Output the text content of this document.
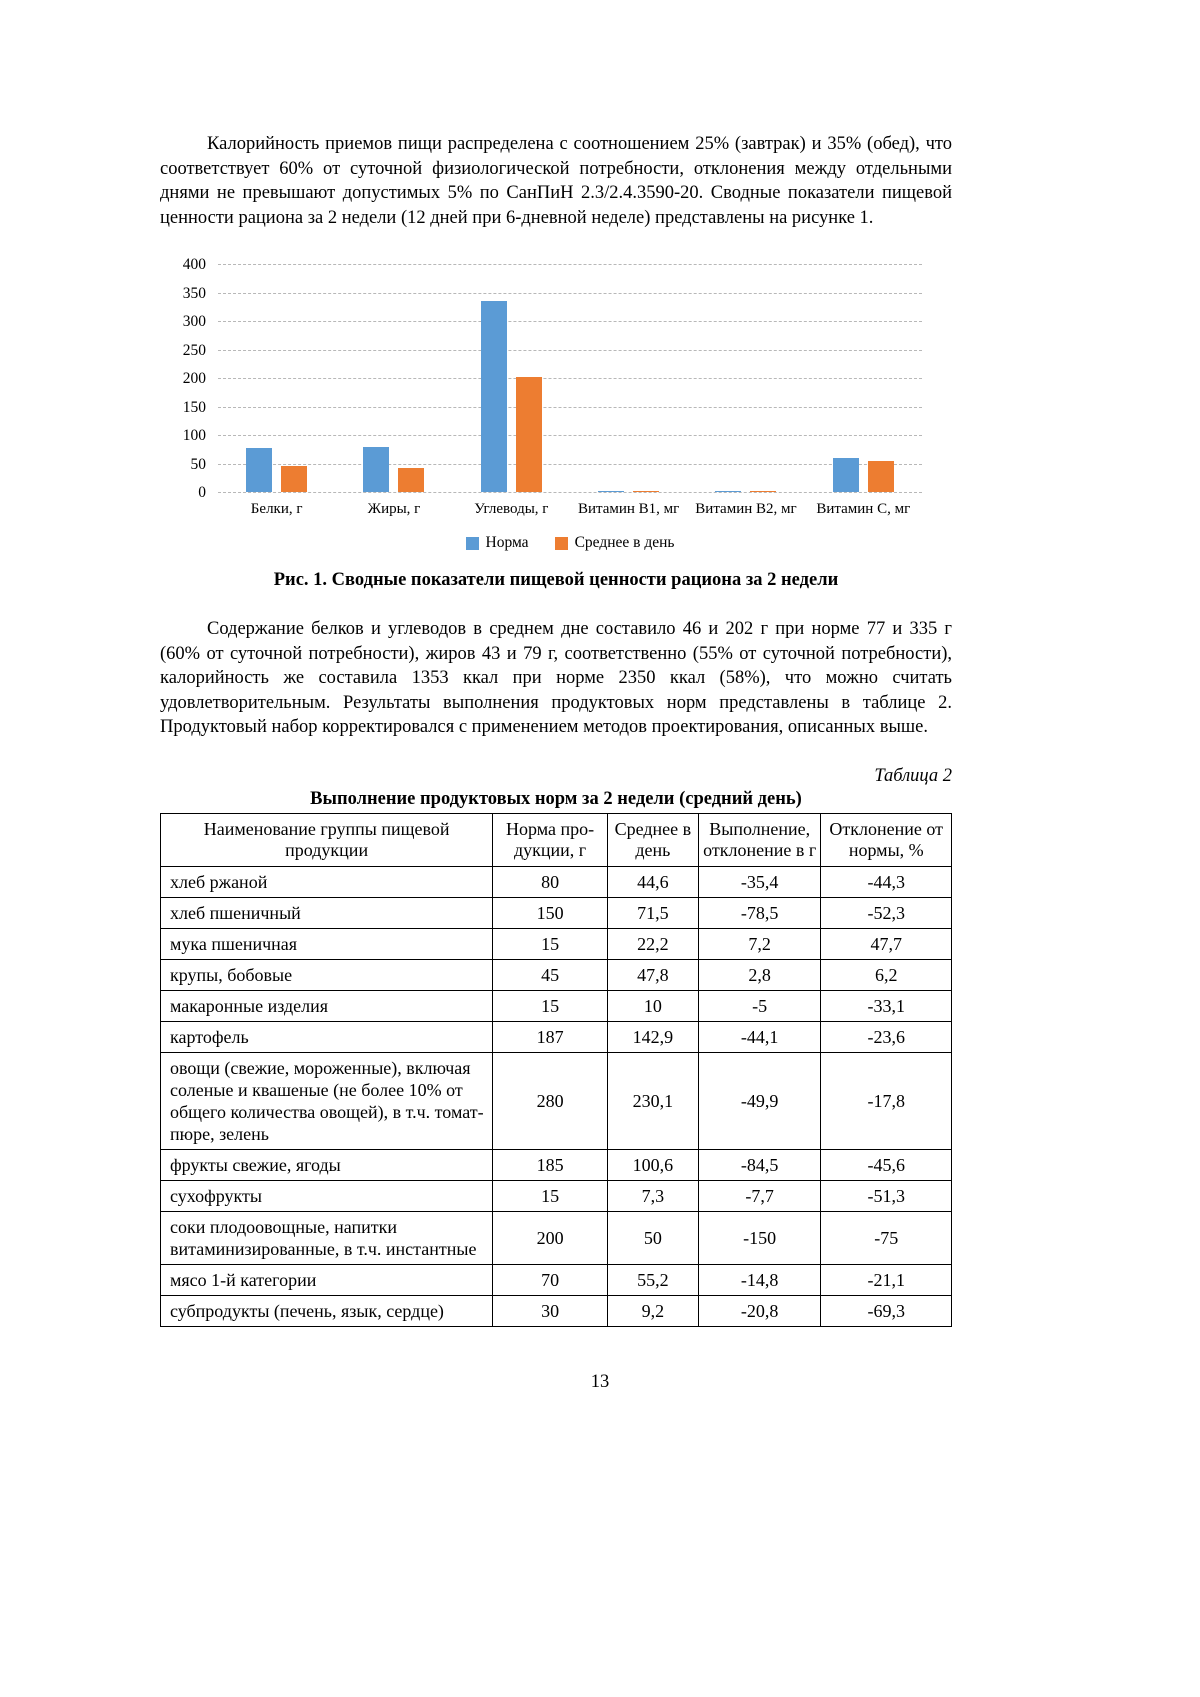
Калорийность приемов пищи распределена с соотношением 25% (завтрак) и 35% (обед), что соответствует 60% от суточной физиологической потребности, отклонения между отдельными днями не превышают допустимых 5% по СанПиН 2.3/2.4.3590-20. Сводные показатели пищевой ценности рациона за 2 недели (12 дней при 6-дневной неделе) представлены на рисунке 1.

0
50
100
150
200
250
300
350
400
Белки, г	Жиры, г	Углеводы, г	Витамин В1, мг	Витамин В2, мг	Витамин С, мг
Норма	Среднее в день
Рис. 1. Сводные показатели пищевой ценности рациона за 2 недели

Содержание белков и углеводов в среднем дне составило 46 и 202 г при норме 77 и 335 г (60% от суточной потребности), жиров 43 и 79 г, соответственно (55% от суточной потребности), калорийность же составила 1353 ккал при норме 2350 ккал (58%), что можно считать удовлетворительным. Результаты выполнения продуктовых норм представлены в таблице 2. Продуктовый набор корректировался с применением методов проектирования, описанных выше.

Таблица 2
Выполнение продуктовых норм за 2 недели (средний день)
Наименование группы пищевой продукции	Норма про-дукции, г	Среднее в день	Выполнение, отклонение в г	Отклонение от нормы, %
хлеб ржаной	80	44,6	-35,4	-44,3
хлеб пшеничный	150	71,5	-78,5	-52,3
мука пшеничная	15	22,2	7,2	47,7
крупы, бобовые	45	47,8	2,8	6,2
макаронные изделия	15	10	-5	-33,1
картофель	187	142,9	-44,1	-23,6
овощи (свежие, мороженные), включая соленые и квашеные (не более 10% от общего количества овощей), в т.ч. томат-пюре, зелень	280	230,1	-49,9	-17,8
фрукты свежие, ягоды	185	100,6	-84,5	-45,6
сухофрукты	15	7,3	-7,7	-51,3
соки плодоовощные, напитки витаминизированные, в т.ч. инстантные	200	50	-150	-75
мясо 1-й категории	70	55,2	-14,8	-21,1
субпродукты (печень, язык, сердце)	30	9,2	-20,8	-69,3
13
